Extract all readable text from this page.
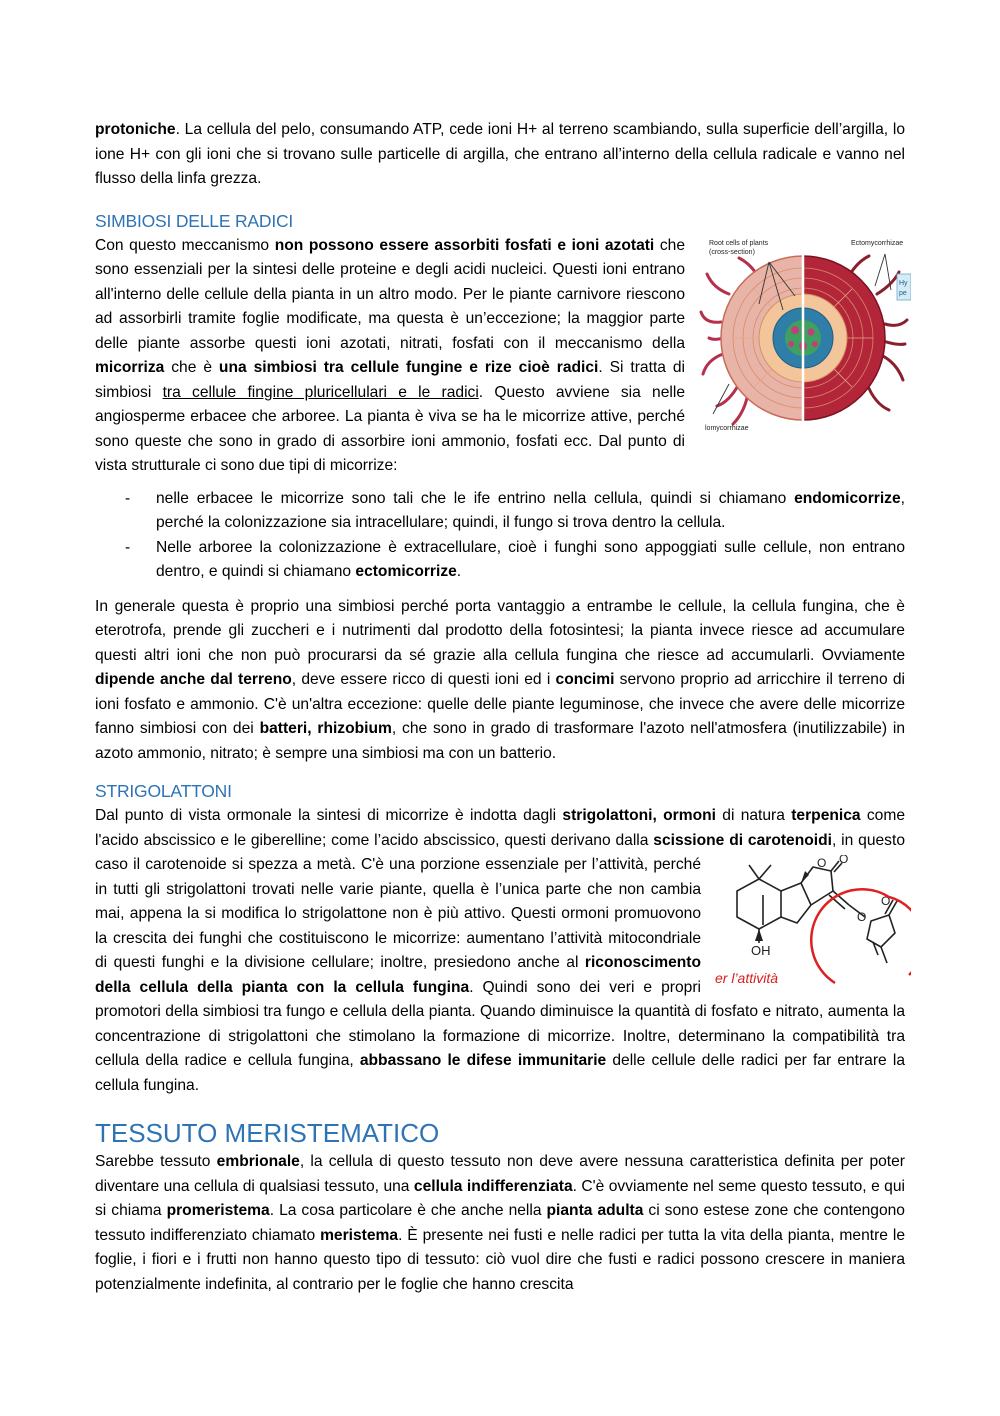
protoniche. La cellula del pelo, consumando ATP, cede ioni H+ al terreno scambiando, sulla superficie dell’argilla, lo ione H+ con gli ioni che si trovano sulle particelle di argilla, che entrano all’interno della cellula radicale e vanno nel flusso della linfa grezza.

SIMBIOSI DELLE RADICI
Root cells of plants
(cross-section)
Ectomycorrhizae
lomycorrhizae
Hy
pe

Con questo meccanismo non possono essere assorbiti fosfati e ioni azotati che sono essenziali per la sintesi delle proteine e degli acidi nucleici. Questi ioni entrano all'interno delle cellule della pianta in un altro modo. Per le piante carnivore riescono ad assorbirli tramite foglie modificate, ma questa è un’eccezione; la maggior parte delle piante assorbe questi ioni azotati, nitrati, fosfati con il meccanismo della micorriza che è una simbiosi tra cellule fungine e rize cioè radici. Si tratta di simbiosi tra cellule fingine pluricellulari e le radici. Questo avviene sia nelle angiosperme erbacee che arboree. La pianta è viva se ha le micorrize attive, perché sono queste che sono in grado di assorbire ioni ammonio, fosfati ecc. Dal punto di vista strutturale ci sono due tipi di micorrize:

- nelle erbacee le micorrize sono tali che le ife entrino nella cellula, quindi si chiamano endomicorrize, perché la colonizzazione sia intracellulare; quindi, il fungo si trova dentro la cellula.
- Nelle arboree la colonizzazione è extracellulare, cioè i funghi sono appoggiati sulle cellule, non entrano dentro, e quindi si chiamano ectomicorrize.

In generale questa è proprio una simbiosi perché porta vantaggio a entrambe le cellule, la cellula fungina, che è eterotrofa, prende gli zuccheri e i nutrimenti dal prodotto della fotosintesi; la pianta invece riesce ad accumulare questi altri ioni che non può procurarsi da sé grazie alla cellula fungina che riesce ad accumularli. Ovviamente dipende anche dal terreno, deve essere ricco di questi ioni ed i concimi servono proprio ad arricchire il terreno di ioni fosfato e ammonio. C'è un'altra eccezione: quelle delle piante leguminose, che invece che avere delle micorrize fanno simbiosi con dei batteri, rhizobium, che sono in grado di trasformare l'azoto nell'atmosfera (inutilizzabile) in azoto ammonio, nitrato; è sempre una simbiosi ma con un batterio.

STRIGOLATTONI

Dal punto di vista ormonale la sintesi di micorrize è indotta dagli strigolattoni, ormoni di natura terpenica come l'acido abscissico e le giberelline; come l’acido abscissico, questi derivano dalla scissione di carotenoidi
OH
O O
O
O
er l’attività
, in questo caso il carotenoide si spezza a metà. C'è una porzione essenziale per l’attività, perché in tutti gli strigolattoni trovati nelle varie piante, quella è l’unica parte che non cambia mai, appena la si modifica lo strigolattone non è più attivo. Questi ormoni promuovono la crescita dei funghi che costituiscono le micorrize: aumentano l’attività mitocondriale di questi funghi e la divisione cellulare; inoltre, presiedono anche al riconoscimento della cellula della pianta con la cellula fungina. Quindi sono dei veri e propri promotori della simbiosi tra fungo e cellula della pianta. Quando diminuisce la quantità di fosfato e nitrato, aumenta la concentrazione di strigolattoni che stimolano la formazione di micorrize. Inoltre, determinano la compatibilità tra cellula della radice e cellula fungina, abbassano le difese immunitarie delle cellule delle radici per far entrare la cellula fungina.

TESSUTO MERISTEMATICO

Sarebbe tessuto embrionale, la cellula di questo tessuto non deve avere nessuna caratteristica definita per poter diventare una cellula di qualsiasi tessuto, una cellula indifferenziata. C'è ovviamente nel seme questo tessuto, e qui si chiama promeristema. La cosa particolare è che anche nella pianta adulta ci sono estese zone che contengono tessuto indifferenziato chiamato meristema. È presente nei fusti e nelle radici per tutta la vita della pianta, mentre le foglie, i fiori e i frutti non hanno questo tipo di tessuto: ciò vuol dire che fusti e radici possono crescere in maniera potenzialmente indefinita, al contrario per le foglie che hanno crescita
